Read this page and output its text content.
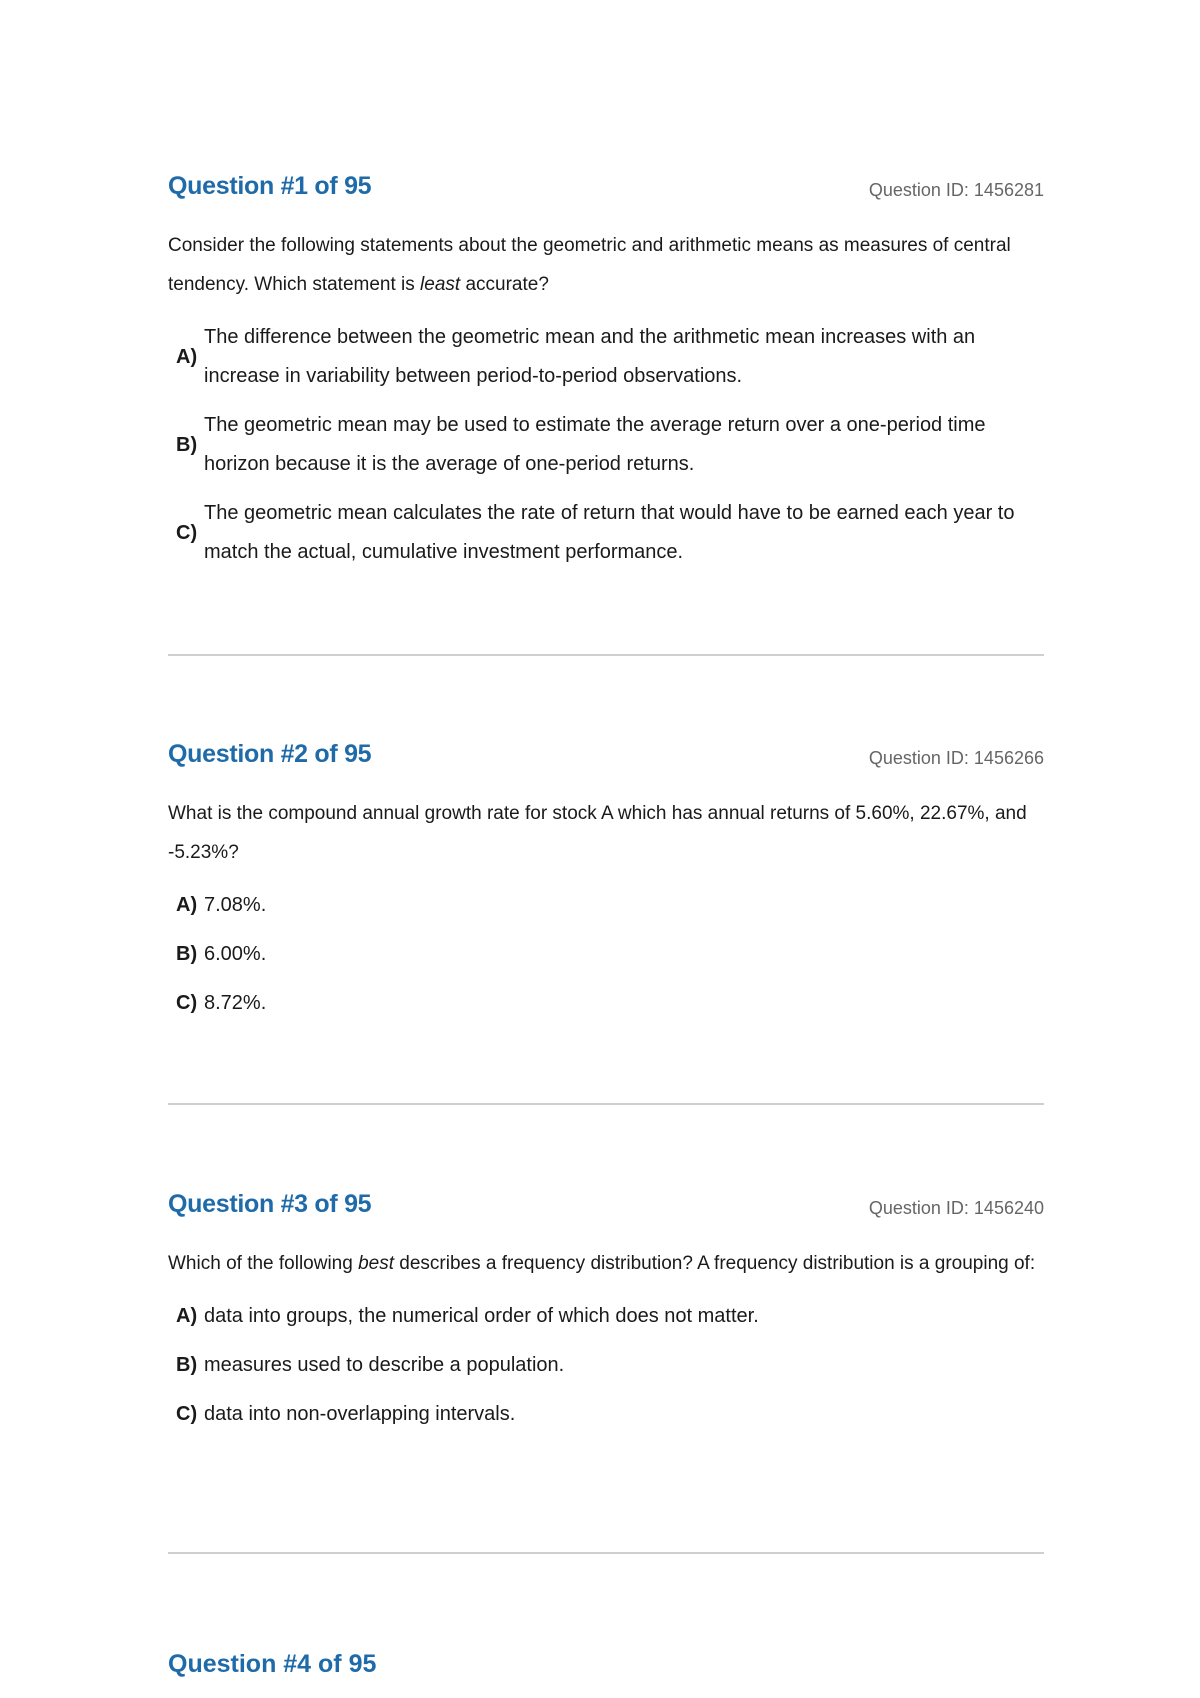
Question #1 of 95	Question ID: 1456281
Consider the following statements about the geometric and arithmetic means as measures of central tendency. Which statement is least accurate?
A)
The difference between the geometric mean and the arithmetic mean increases with an increase in variability between period-to-period observations.
B)
The geometric mean may be used to estimate the average return over a one-period time horizon because it is the average of one-period returns.
C)
The geometric mean calculates the rate of return that would have to be earned each year to match the actual, cumulative investment performance.
Question #2 of 95	Question ID: 1456266
What is the compound annual growth rate for stock A which has annual returns of 5.60%, 22.67%, and -5.23%?
A) 7.08%.
B) 6.00%.
C) 8.72%.
Question #3 of 95	Question ID: 1456240
Which of the following best describes a frequency distribution? A frequency distribution is a grouping of:
A) data into groups, the numerical order of which does not matter.
B) measures used to describe a population.
C) data into non-overlapping intervals.
Question #4 of 95
